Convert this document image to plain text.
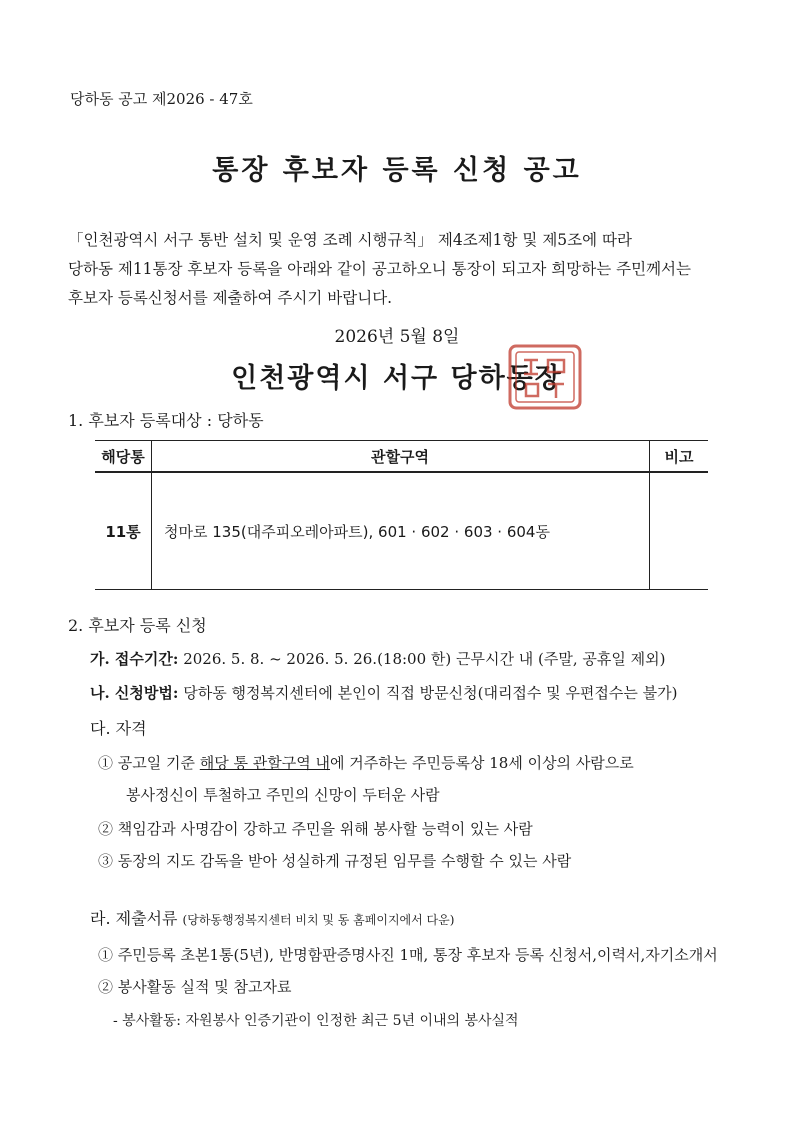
당하동 공고 제2026 - 47호
통장 후보자 등록 신청 공고
「인천광역시 서구 통반 설치 및 운영 조례 시행규칙」 제4조제1항 및 제5조에 따라
당하동 제11통장 후보자 등록을 아래와 같이 공고하오니 통장이 되고자 희망하는 주민께서는
후보자 등록신청서를 제출하여 주시기 바랍니다.
2026년 5월 8일
인천광역시 서구 당하동장
1. 후보자 등록대상 : 당하동
해당통	관할구역	비고
11통	청마로 135(대주피오레아파트), 601 · 602 · 603 · 604동	
2. 후보자 등록 신청
가. 접수기간: 2026. 5. 8. ~ 2026. 5. 26.(18:00 한) 근무시간 내 (주말, 공휴일 제외)
나. 신청방법: 당하동 행정복지센터에 본인이 직접 방문신청(대리접수 및 우편접수는 불가)
다. 자격
① 공고일 기준 해당 통 관할구역 내에 거주하는 주민등록상 18세 이상의 사람으로
봉사정신이 투철하고 주민의 신망이 두터운 사람
② 책임감과 사명감이 강하고 주민을 위해 봉사할 능력이 있는 사람
③ 동장의 지도 감독을 받아 성실하게 규정된 임무를 수행할 수 있는 사람
라. 제출서류 (당하동행정복지센터 비치 및 동 홈페이지에서 다운)
① 주민등록 초본1통(5년), 반명함판증명사진 1매, 통장 후보자 등록 신청서,이력서,자기소개서
② 봉사활동 실적 및 참고자료
- 봉사활동: 자원봉사 인증기관이 인정한 최근 5년 이내의 봉사실적
